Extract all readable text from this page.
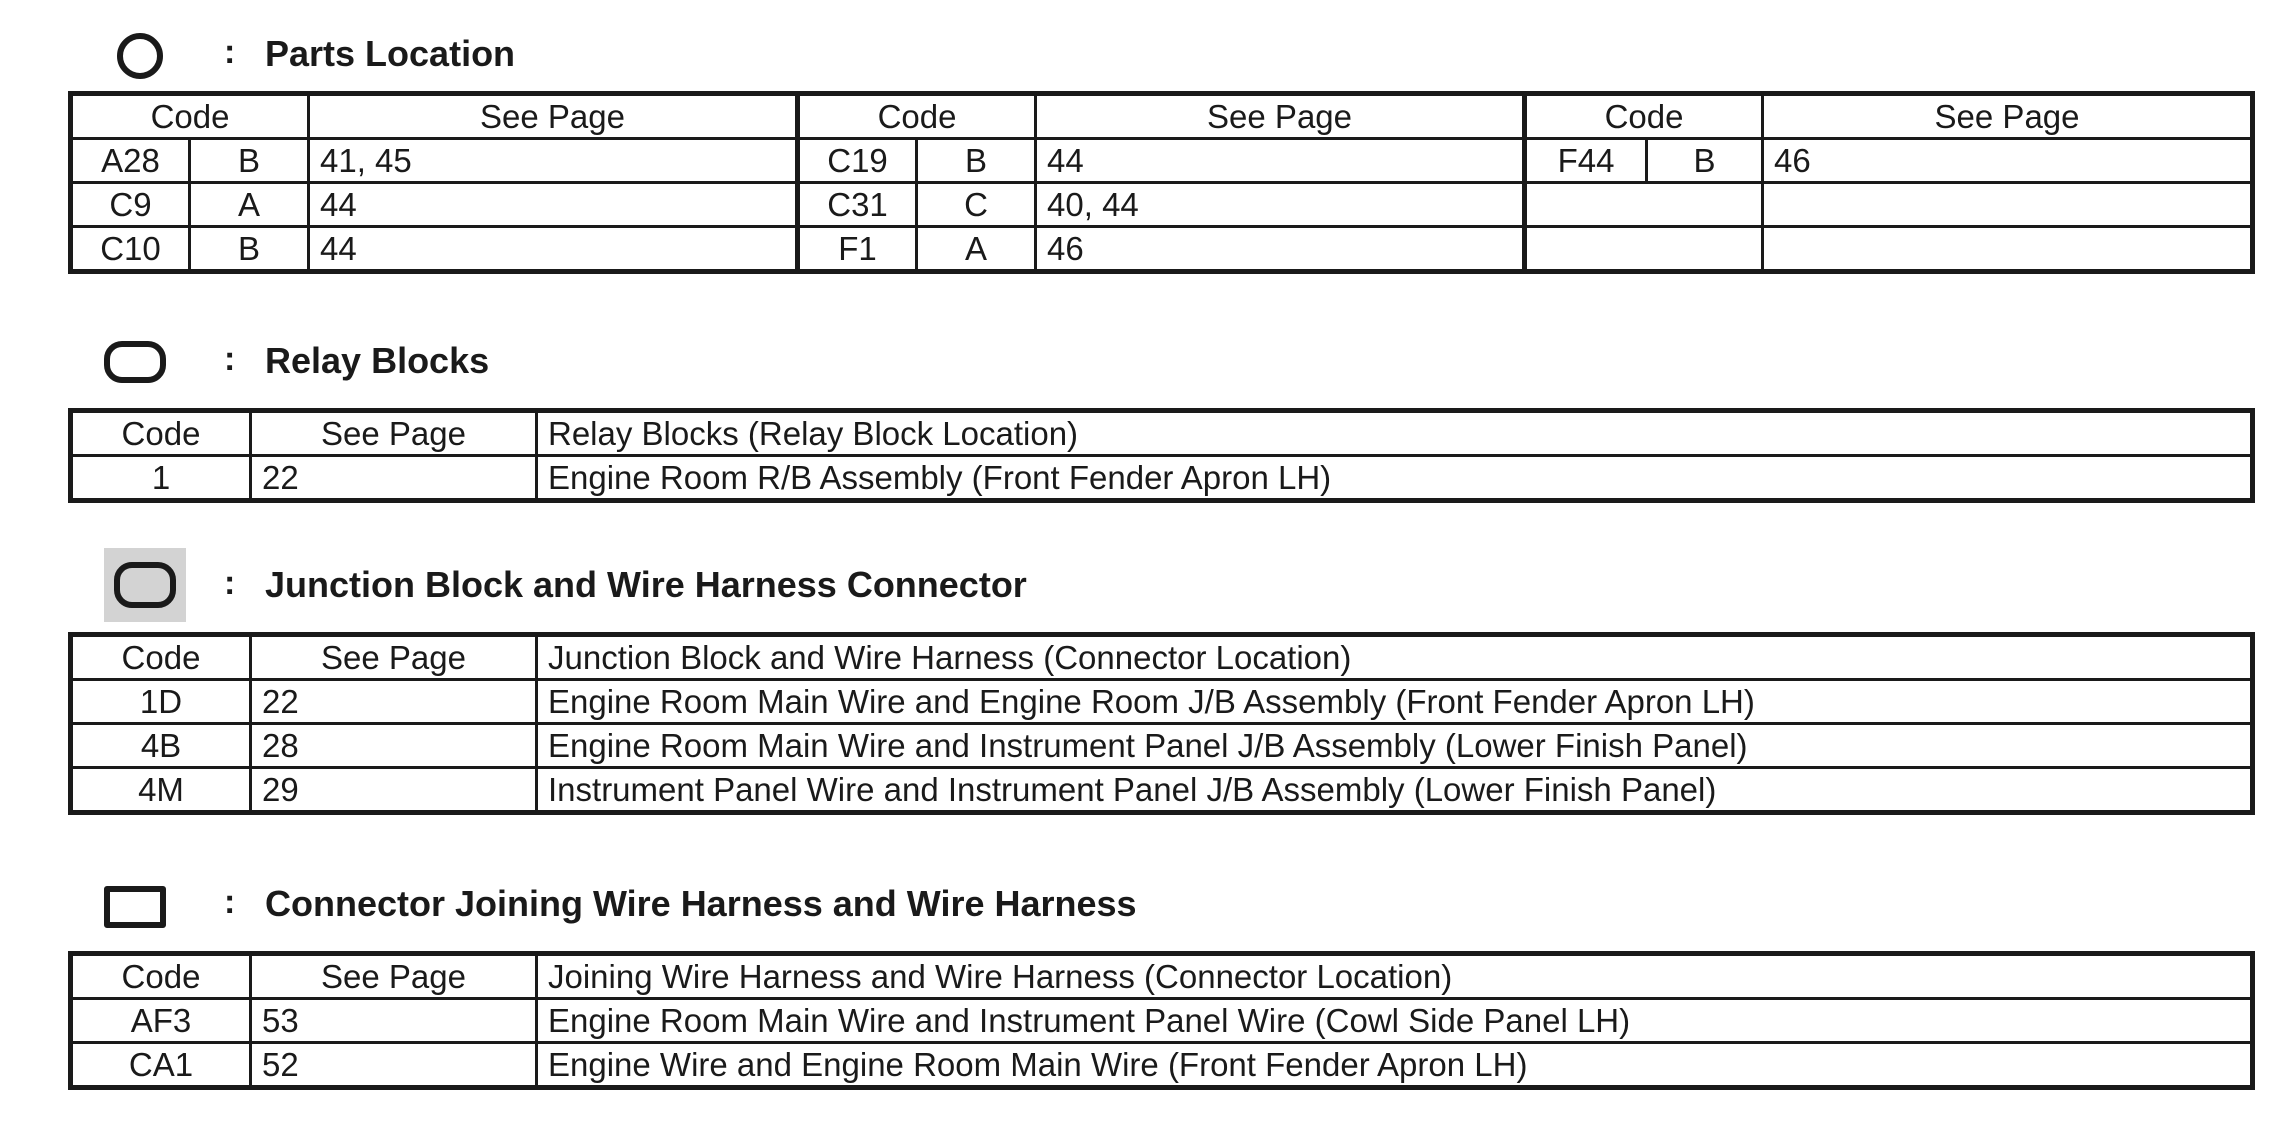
: Parts Location
Code		See Page	Code		See Page	Code	See Page
A28	B	41, 45	C19	B	44	F44 B	46
C9	A	44	C31	C	40, 44		
C10	B	44	F1	A	46		
: Relay Blocks
Code	See Page	Relay Blocks (Relay Block Location)
1	22	Engine Room R/B Assembly (Front Fender Apron LH)
: Junction Block and Wire Harness Connector
Code	See Page	Junction Block and Wire Harness (Connector Location)
1D	22	Engine Room Main Wire and Engine Room J/B Assembly (Front Fender Apron LH)
4B	28	Engine Room Main Wire and Instrument Panel J/B Assembly (Lower Finish Panel)
4M	29	Instrument Panel Wire and Instrument Panel J/B Assembly (Lower Finish Panel)
: Connector Joining Wire Harness and Wire Harness
Code	See Page	Joining Wire Harness and Wire Harness (Connector Location)
AF3	53	Engine Room Main Wire and Instrument Panel Wire (Cowl Side Panel LH)
CA1	52	Engine Wire and Engine Room Main Wire (Front Fender Apron LH)
